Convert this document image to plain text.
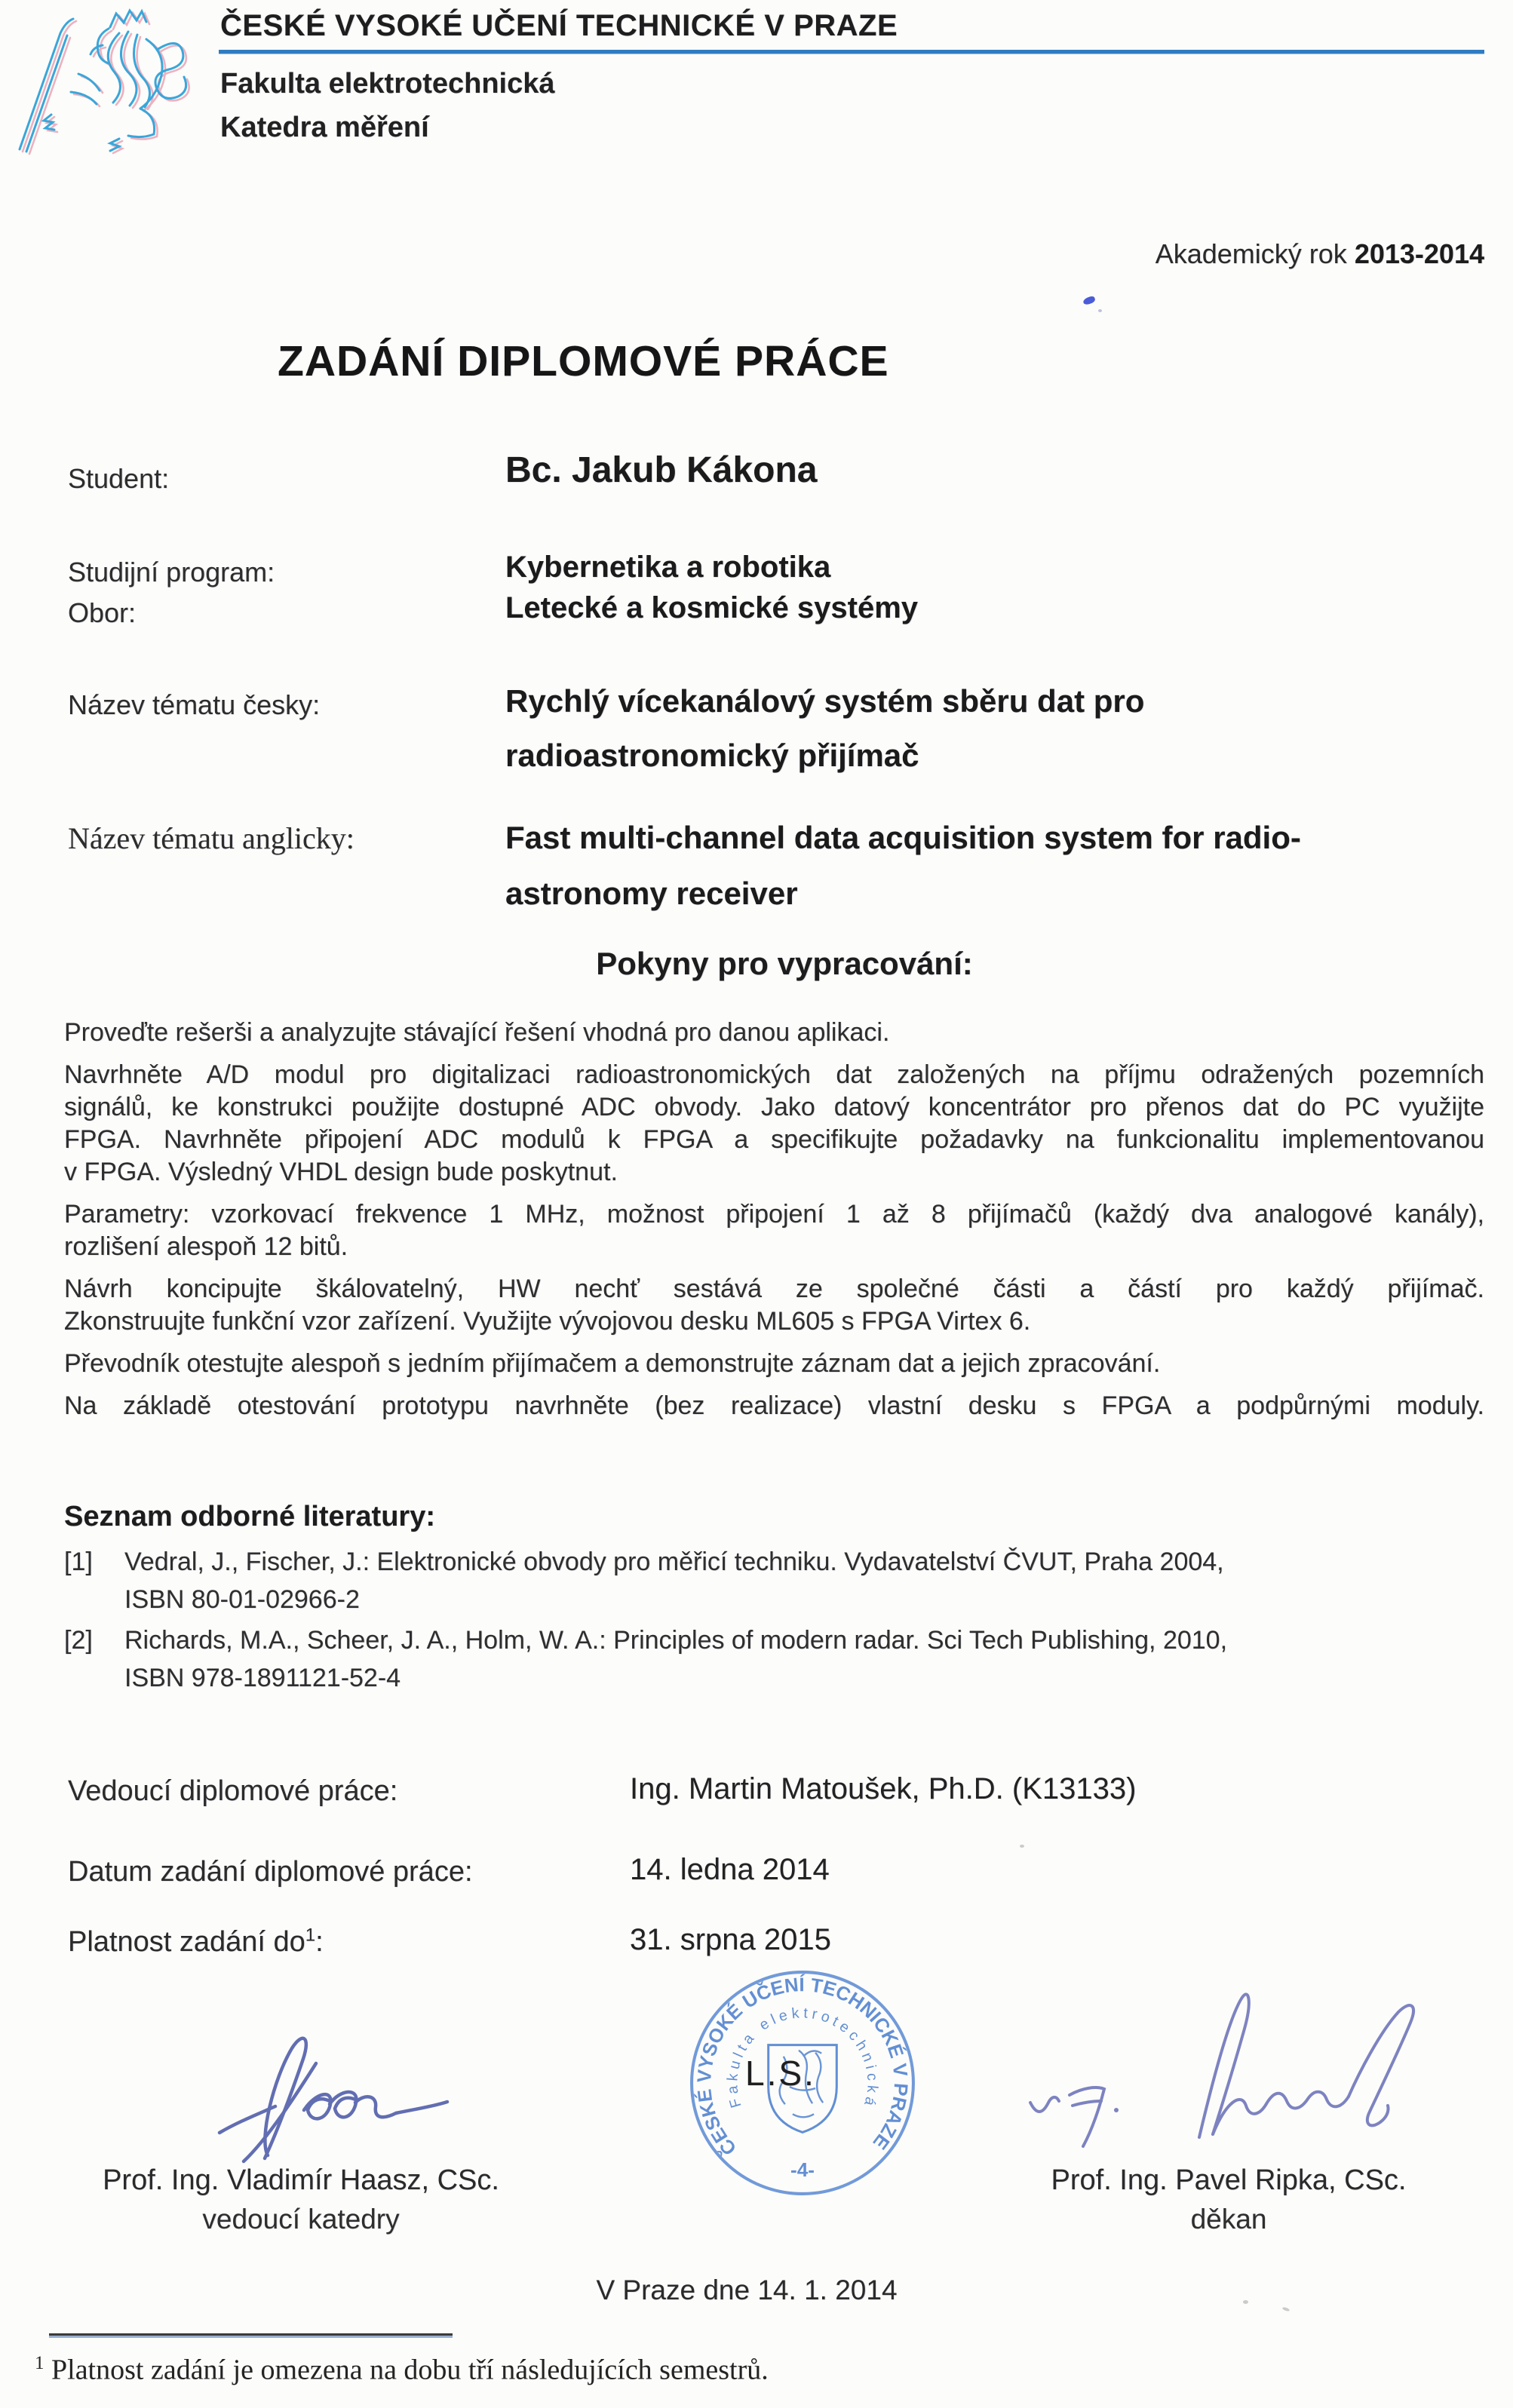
ČESKÉ VYSOKÉ UČENÍ TECHNICKÉ V PRAZE
Fakulta elektrotechnická
Katedra měření
Akademický rok 2013-2014
ZADÁNÍ DIPLOMOVÉ PRÁCE
Student:	Bc. Jakub Kákona
Studijní program:	Kybernetika a robotika
Obor:	Letecké a kosmické systémy
Název tématu česky:	Rychlý vícekanálový systém sběru dat pro
radioastronomický přijímač
Název tématu anglicky:	Fast multi-channel data acquisition system for radio-
astronomy receiver
Pokyny pro vypracování:
Proveďte rešerši a analyzujte stávající řešení vhodná pro danou aplikaci.
Navrhněte A/D modul pro digitalizaci radioastronomických dat založených na příjmu odražených pozemních
signálů, ke konstrukci použijte dostupné ADC obvody. Jako datový koncentrátor pro přenos dat do PC využijte
FPGA. Navrhněte připojení ADC modulů k FPGA a specifikujte požadavky na funkcionalitu implementovanou
v FPGA. Výsledný VHDL design bude poskytnut.
Parametry: vzorkovací frekvence 1 MHz, možnost připojení 1 až 8 přijímačů (každý dva analogové kanály),
rozlišení alespoň 12 bitů.
Návrh koncipujte škálovatelný, HW nechť sestává ze společné části a částí pro každý přijímač.
Zkonstruujte funkční vzor zařízení. Využijte vývojovou desku ML605 s FPGA Virtex 6.
Převodník otestujte alespoň s jedním přijímačem a demonstrujte záznam dat a jejich zpracování.
Na základě otestování prototypu navrhněte (bez realizace) vlastní desku s FPGA a podpůrnými moduly.
Seznam odborné literatury:
[1] Vedral, J., Fischer, J.: Elektronické obvody pro měřicí techniku. Vydavatelství ČVUT, Praha 2004,
ISBN 80-01-02966-2
[2] Richards, M.A., Scheer, J. A., Holm, W. A.: Principles of modern radar. Sci Tech Publishing, 2010,
ISBN 978-1891121-52-4
Vedoucí diplomové práce:	Ing. Martin Matoušek, Ph.D. (K13133)
Datum zadání diplomové práce:	14. ledna 2014
Platnost zadání $do^1$:	31. srpna 2015
ČESKÉ VYSOKÉ UČENÍ TECHNICKÉ V PRAZE
Fakulta elektrotechnická
-4-
L.S.
Prof. Ing. Vladimír Haasz, CSc.
vedoucí katedry
Prof. Ing. Pavel Ripka, CSc.
děkan
V Praze dne 14. 1. 2014
$^1$ Platnost zadání je omezena na dobu tří následujících semestrů.
